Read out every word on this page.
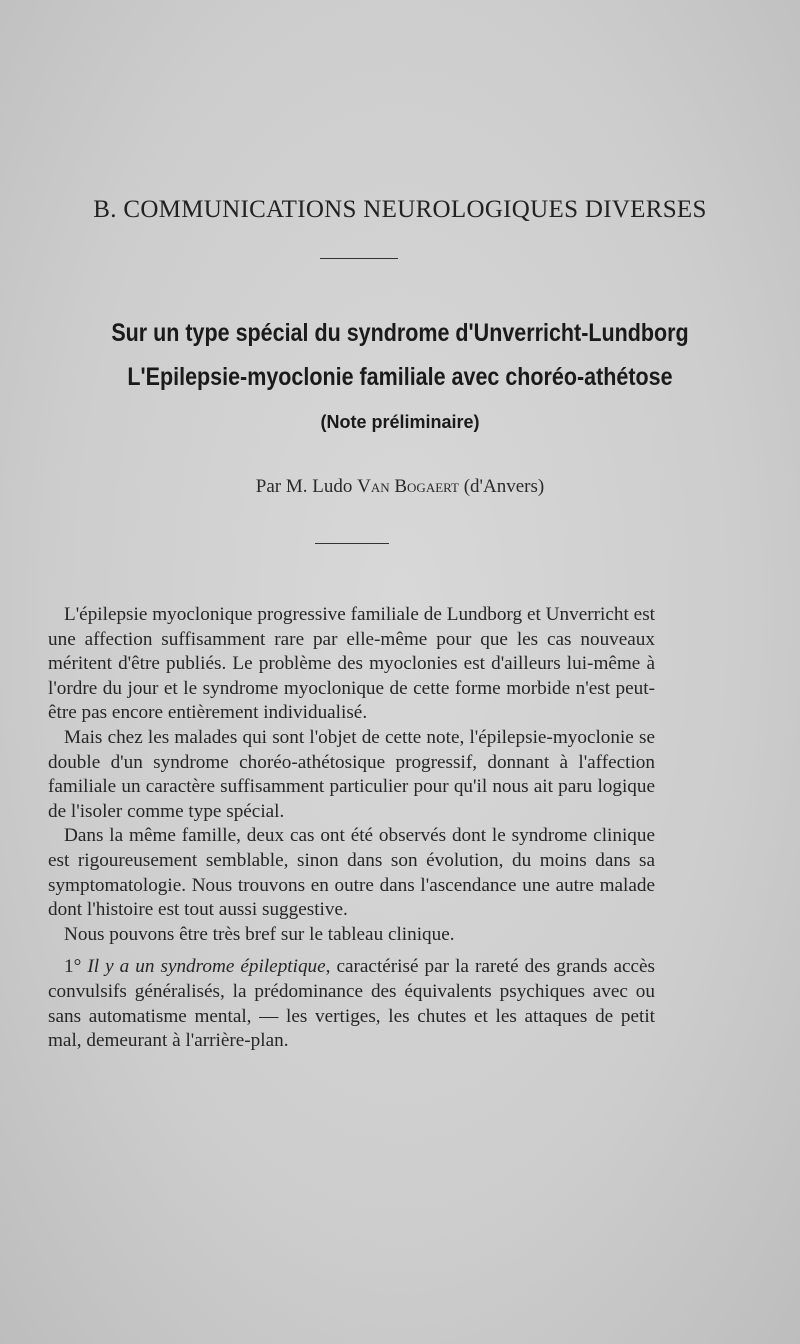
B. COMMUNICATIONS NEUROLOGIQUES DIVERSES
Sur un type spécial du syndrome d'Unverricht-Lundborg
L'Epilepsie-myoclonie familiale avec choréo-athétose
(Note préliminaire)
Par M. Ludo Van Bogaert (d'Anvers)

L'épilepsie myoclonique progressive familiale de Lundborg et Unverricht est une affection suffisamment rare par elle-même pour que les cas nouveaux méritent d'être publiés. Le problème des myoclonies est d'ailleurs lui-même à l'ordre du jour et le syndrome myoclonique de cette forme morbide n'est peut-être pas encore entièrement individualisé.

Mais chez les malades qui sont l'objet de cette note, l'épilepsie-myoclonie se double d'un syndrome choréo-athétosique progressif, donnant à l'affection familiale un caractère suffisamment particulier pour qu'il nous ait paru logique de l'isoler comme type spécial.

Dans la même famille, deux cas ont été observés dont le syndrome clinique est rigoureusement semblable, sinon dans son évolution, du moins dans sa symptomatologie. Nous trouvons en outre dans l'ascendance une autre malade dont l'histoire est tout aussi suggestive.

Nous pouvons être très bref sur le tableau clinique.

1° Il y a un syndrome épileptique, caractérisé par la rareté des grands accès convulsifs généralisés, la prédominance des équivalents psychiques avec ou sans automatisme mental, — les vertiges, les chutes et les attaques de petit mal, demeurant à l'arrière-plan.
